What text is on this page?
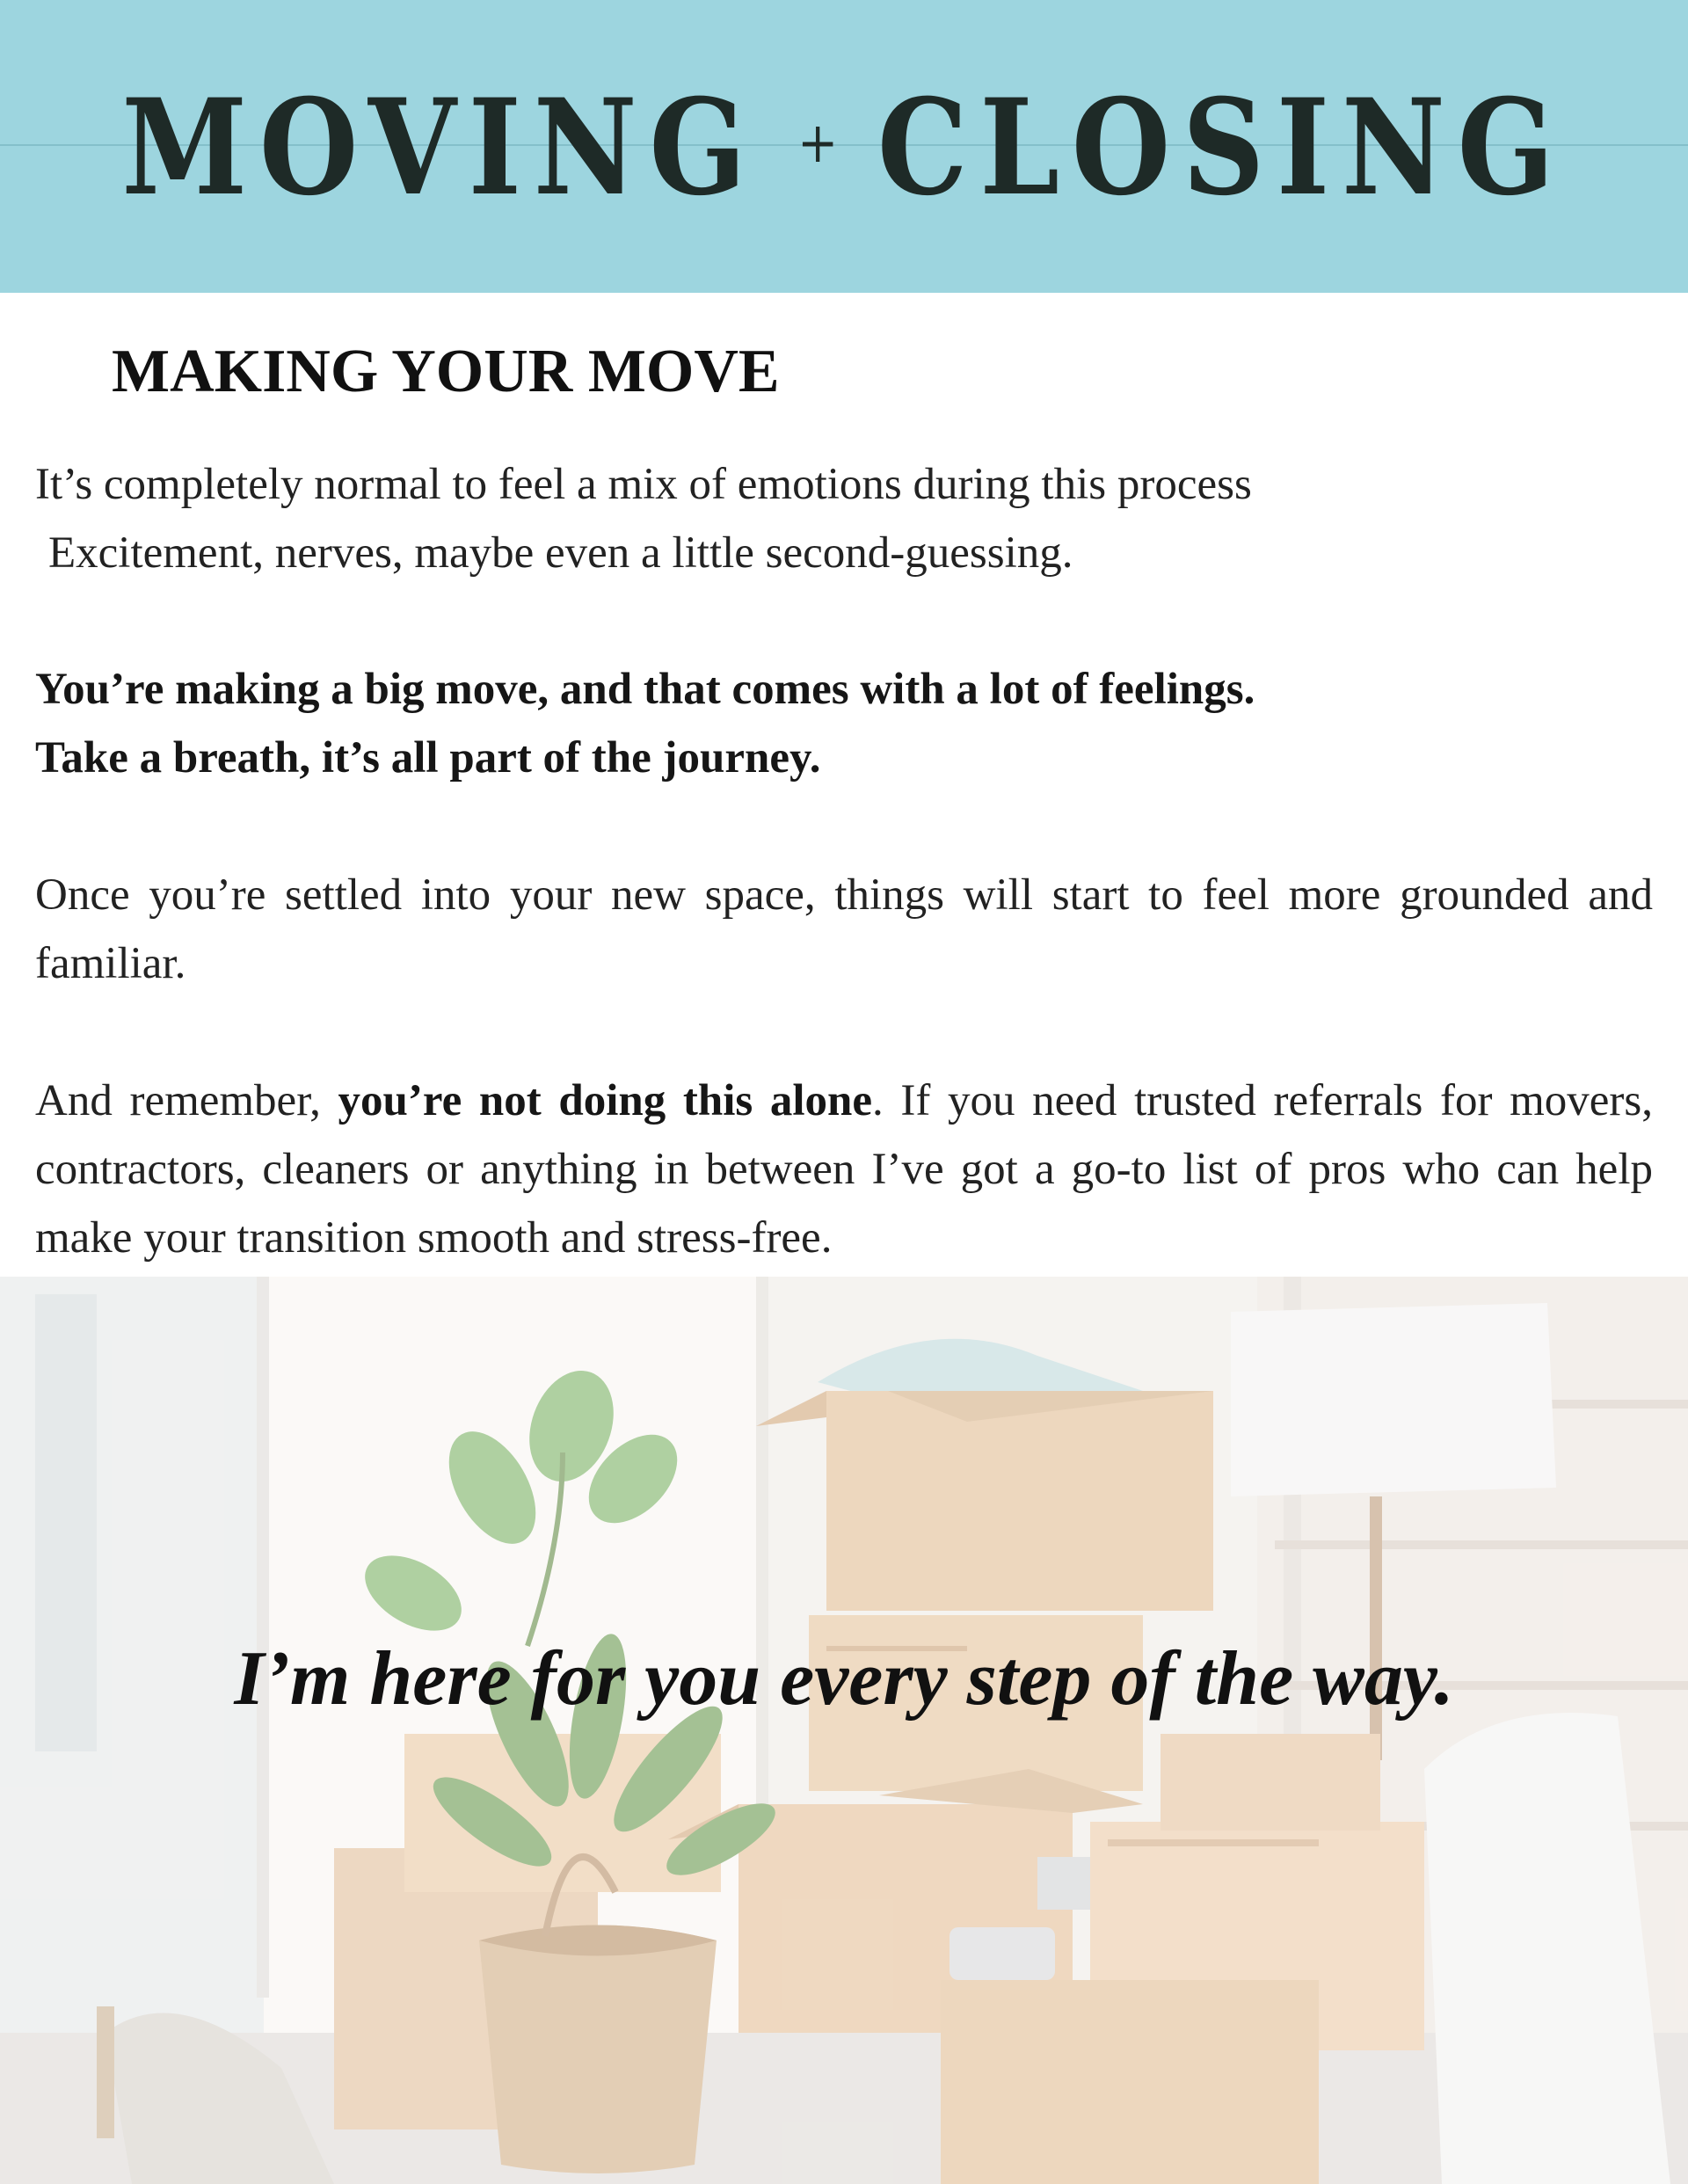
MOVING + CLOSING
MAKING YOUR MOVE

It’s completely normal to feel a mix of emotions during this process
Excitement, nerves, maybe even a little second-guessing.

You’re making a big move, and that comes with a lot of feelings.
Take a breath, it’s all part of the journey.

Once you’re settled into your new space, things will start to feel more grounded and familiar.

And remember, you’re not doing this alone. If you need trusted referrals for movers, contractors, cleaners or anything in between I’ve got a go-to list of pros who can help make your transition smooth and stress-free.

I’m here for you every step of the way.
